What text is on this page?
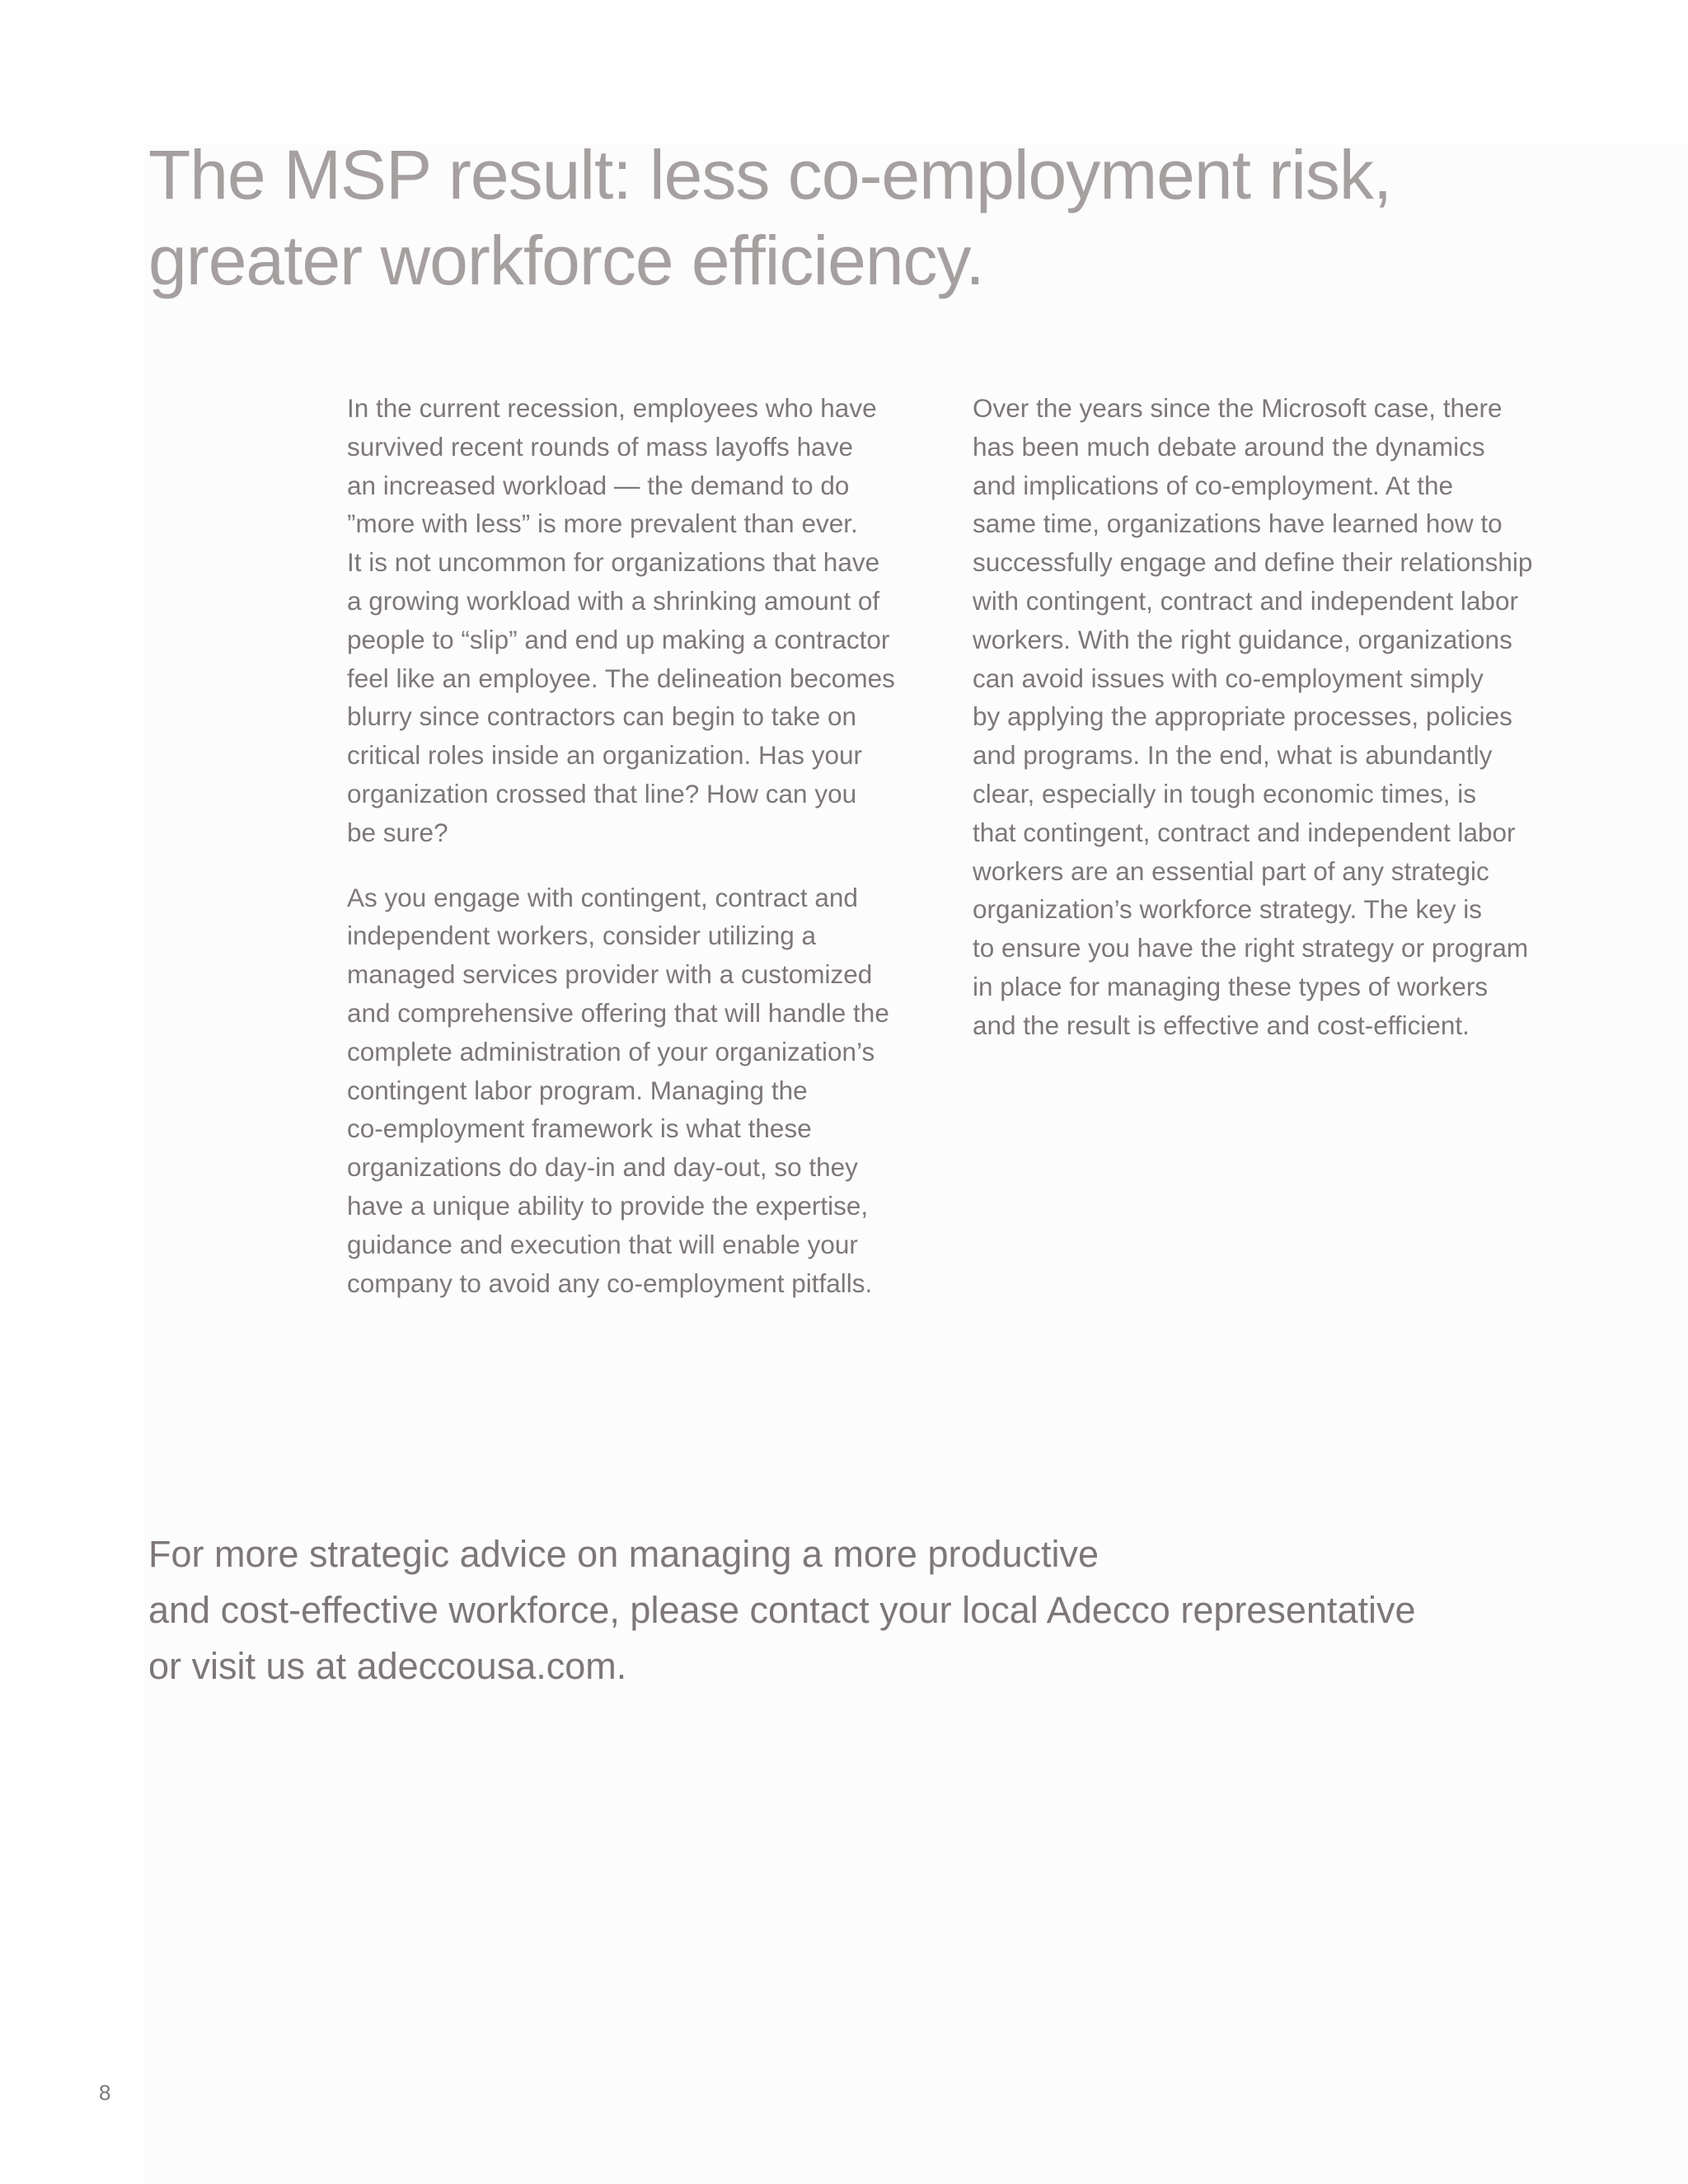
The MSP result: less co-employment risk,
greater workforce efficiency.

In the current recession, employees who have
survived recent rounds of mass layoffs have
an increased workload — the demand to do
”more with less” is more prevalent than ever.
It is not uncommon for organizations that have
a growing workload with a shrinking amount of
people to “slip” and end up making a contractor
feel like an employee. The delineation becomes
blurry since contractors can begin to take on
critical roles inside an organization. Has your
organization crossed that line? How can you
be sure?

As you engage with contingent, contract and
independent workers, consider utilizing a
managed services provider with a customized
and comprehensive offering that will handle the
complete administration of your organization’s
contingent labor program. Managing the
co-employment framework is what these
organizations do day-in and day-out, so they
have a unique ability to provide the expertise,
guidance and execution that will enable your
company to avoid any co-employment pitfalls.

Over the years since the Microsoft case, there
has been much debate around the dynamics
and implications of co-employment. At the
same time, organizations have learned how to
successfully engage and define their relationship
with contingent, contract and independent labor
workers. With the right guidance, organizations
can avoid issues with co-employment simply
by applying the appropriate processes, policies
and programs. In the end, what is abundantly
clear, especially in tough economic times, is
that contingent, contract and independent labor
workers are an essential part of any strategic
organization’s workforce strategy. The key is
to ensure you have the right strategy or program
in place for managing these types of workers
and the result is effective and cost-efficient.

For more strategic advice on managing a more productive
and cost-effective workforce, please contact your local Adecco representative
or visit us at adeccousa.com.

8
